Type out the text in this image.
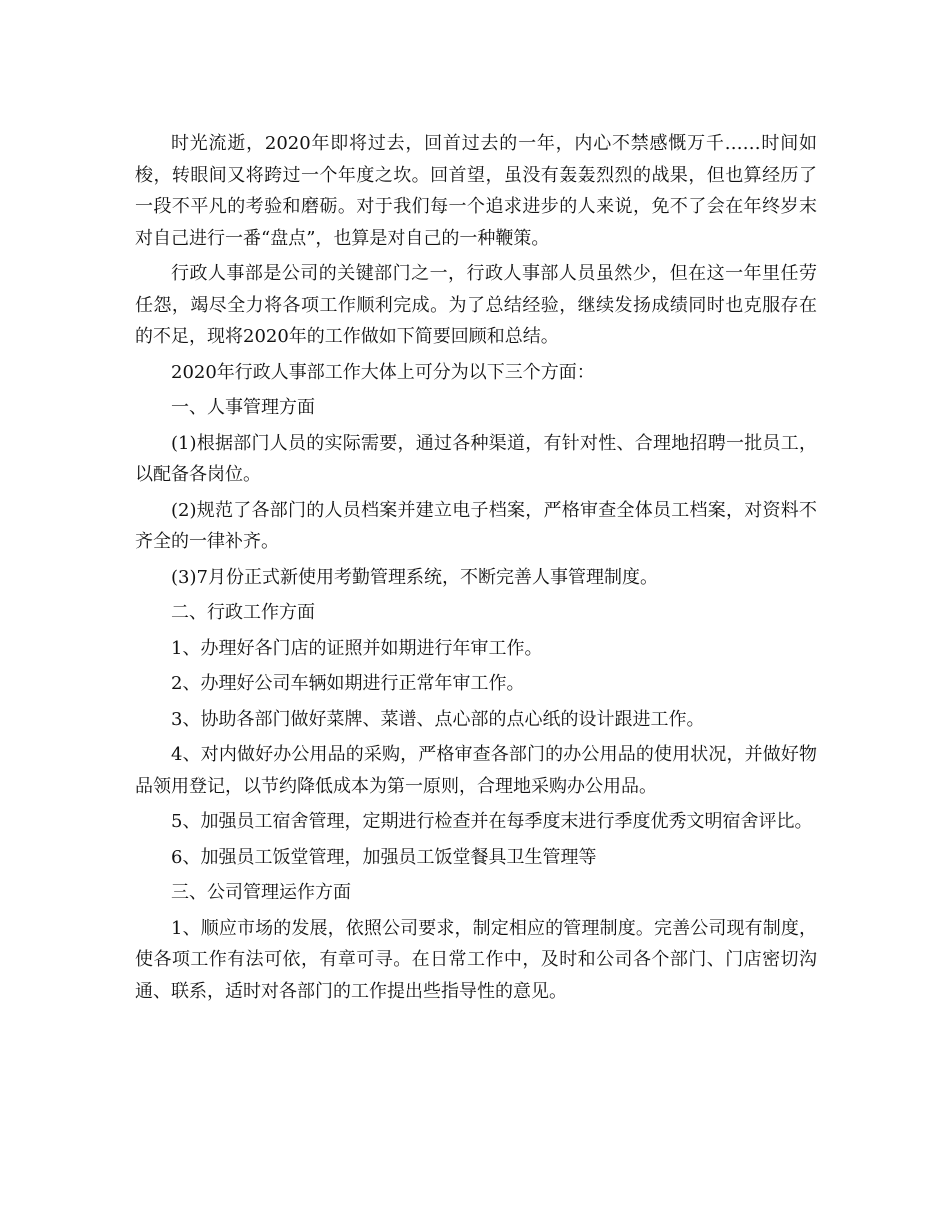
时光流逝，2020年即将过去，回首过去的一年，内心不禁感慨万千……时间如梭，转眼间又将跨过一个年度之坎。回首望，虽没有轰轰烈烈的战果，但也算经历了一段不平凡的考验和磨砺。对于我们每一个追求进步的人来说，免不了会在年终岁末对自己进行一番“盘点”，也算是对自己的一种鞭策。

行政人事部是公司的关键部门之一，行政人事部人员虽然少，但在这一年里任劳任怨，竭尽全力将各项工作顺利完成。为了总结经验，继续发扬成绩同时也克服存在的不足，现将2020年的工作做如下简要回顾和总结。

2020年行政人事部工作大体上可分为以下三个方面：

一、人事管理方面

(1)根据部门人员的实际需要，通过各种渠道，有针对性、合理地招聘一批员工，以配备各岗位。

(2)规范了各部门的人员档案并建立电子档案，严格审查全体员工档案，对资料不齐全的一律补齐。

(3)7月份正式新使用考勤管理系统，不断完善人事管理制度。

二、行政工作方面

1、办理好各门店的证照并如期进行年审工作。

2、办理好公司车辆如期进行正常年审工作。

3、协助各部门做好菜牌、菜谱、点心部的点心纸的设计跟进工作。

4、对内做好办公用品的采购，严格审查各部门的办公用品的使用状况，并做好物品领用登记，以节约降低成本为第一原则，合理地采购办公用品。

5、加强员工宿舍管理，定期进行检查并在每季度末进行季度优秀文明宿舍评比。

6、加强员工饭堂管理，加强员工饭堂餐具卫生管理等

三、公司管理运作方面

1、顺应市场的发展，依照公司要求，制定相应的管理制度。完善公司现有制度，使各项工作有法可依，有章可寻。在日常工作中，及时和公司各个部门、门店密切沟通、联系，适时对各部门的工作提出些指导性的意见。
